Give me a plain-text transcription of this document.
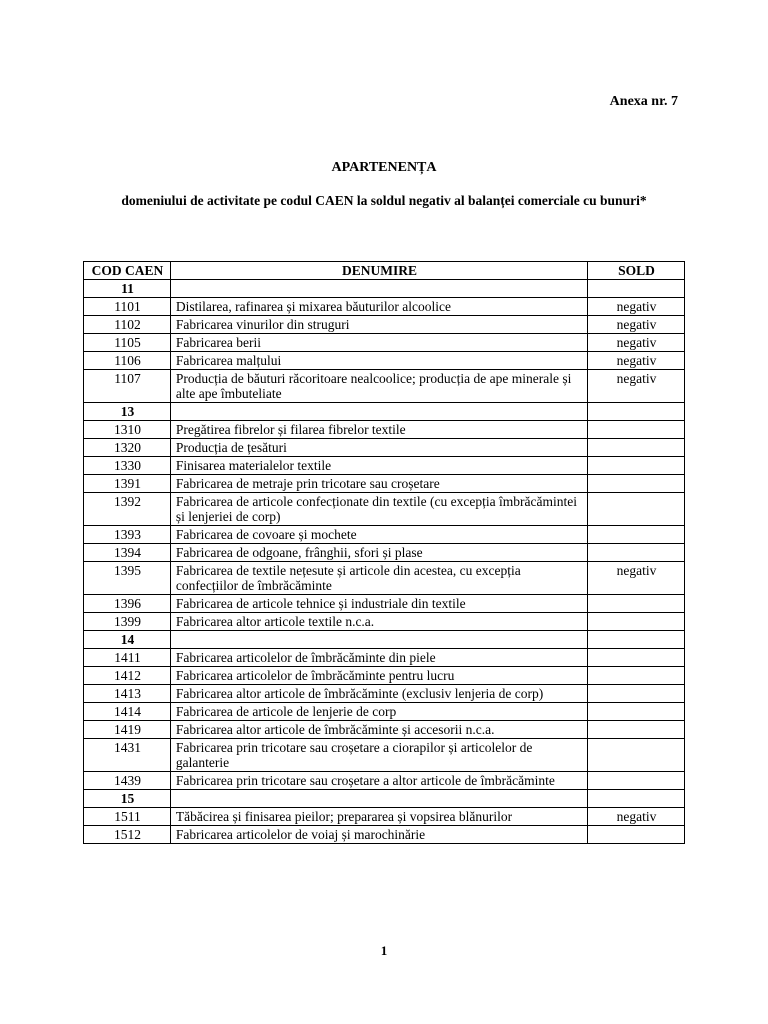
Anexa nr. 7
APARTENENȚA
domeniului de activitate pe codul CAEN la soldul negativ al balanței comerciale cu bunuri*
COD CAEN	DENUMIRE	SOLD
11		
1101	Distilarea, rafinarea și mixarea băuturilor alcoolice	negativ
1102	Fabricarea vinurilor din struguri	negativ
1105	Fabricarea berii	negativ
1106	Fabricarea malțului	negativ
1107	Producția de băuturi răcoritoare nealcoolice; producția de ape minerale și alte ape îmbuteliate	negativ
13		
1310	Pregătirea fibrelor și filarea fibrelor textile	
1320	Producția de țesături	
1330	Finisarea materialelor textile	
1391	Fabricarea de metraje prin tricotare sau croșetare	
1392	Fabricarea de articole confecționate din textile (cu excepția îmbrăcămintei și lenjeriei de corp)	
1393	Fabricarea de covoare și mochete	
1394	Fabricarea de odgoane, frânghii, sfori și plase	
1395	Fabricarea de textile nețesute și articole din acestea, cu excepția confecțiilor de îmbrăcăminte	negativ
1396	Fabricarea de articole tehnice și industriale din textile	
1399	Fabricarea altor articole textile n.c.a.	
14		
1411	Fabricarea articolelor de îmbrăcăminte din piele	
1412	Fabricarea articolelor de îmbrăcăminte pentru lucru	
1413	Fabricarea altor articole de îmbrăcăminte (exclusiv lenjeria de corp)	
1414	Fabricarea de articole de lenjerie de corp	
1419	Fabricarea altor articole de îmbrăcăminte și accesorii n.c.a.	
1431	Fabricarea prin tricotare sau croșetare a ciorapilor și articolelor de galanterie	
1439	Fabricarea prin tricotare sau croșetare a altor articole de îmbrăcăminte	
15		
1511	Tăbăcirea și finisarea pieilor; prepararea și vopsirea blănurilor	negativ
1512	Fabricarea articolelor de voiaj și marochinărie	
1
